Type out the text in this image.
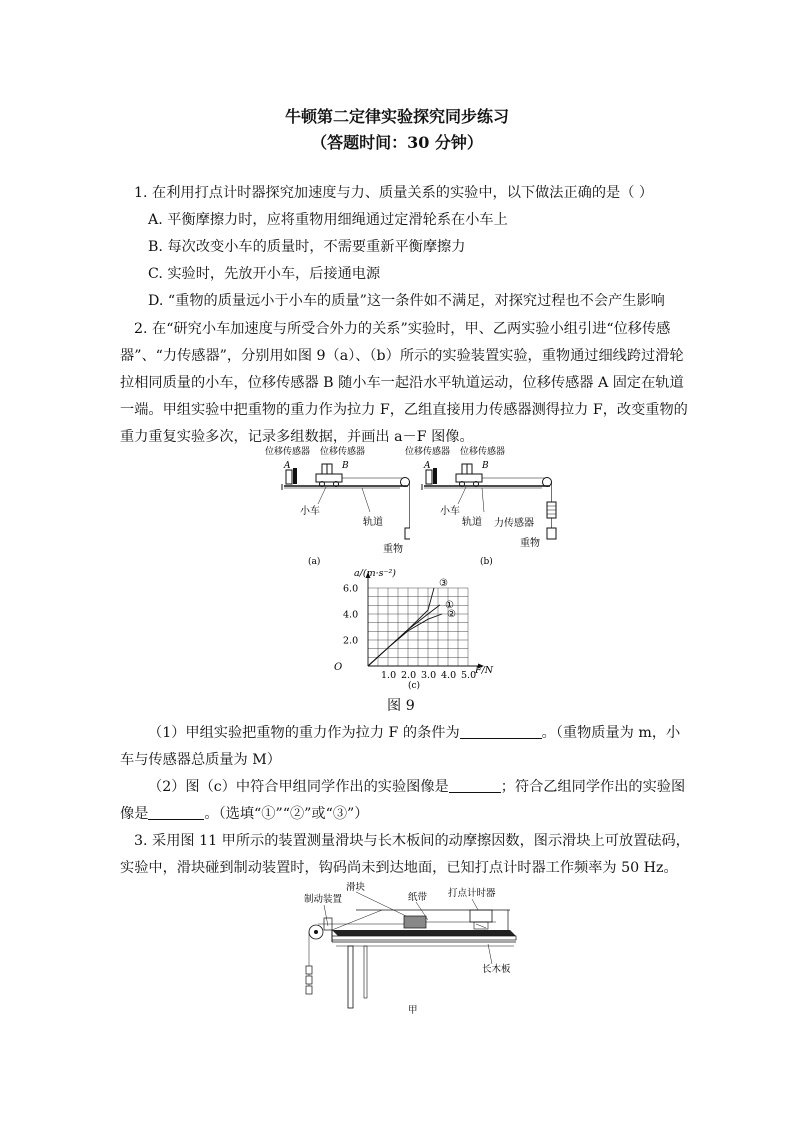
牛顿第二定律实验探究同步练习
（答题时间：30 分钟）
1. 在利用打点计时器探究加速度与力、质量关系的实验中，以下做法正确的是（ ）
A. 平衡摩擦力时，应将重物用细绳通过定滑轮系在小车上
B. 每次改变小车的质量时，不需要重新平衡摩擦力
C. 实验时，先放开小车，后接通电源
D. “重物的质量远小于小车的质量”这一条件如不满足，对探究过程也不会产生影响
2. 在“研究小车加速度与所受合外力的关系”实验时，甲、乙两实验小组引进“位移传感
器”、“力传感器”，分别用如图 9（a）、（b）所示的实验装置实验，重物通过细线跨过滑轮
拉相同质量的小车，位移传感器 B 随小车一起沿水平轨道运动，位移传感器 A 固定在轨道
一端。甲组实验中把重物的重力作为拉力 F，乙组直接用力传感器测得拉力 F，改变重物的
重力重复实验多次，记录多组数据，并画出 a－F 图像。
位移传感器 位移传感器
A	B
小车
轨道
重物
(a)
位移传感器 位移传感器
A	B
小车
轨道 力传感器
重物
(b)
①
②
③
1.0 2.0 3.0 4.0 5.0
2.0
4.0
6.0
a/(m·s⁻²)
F/N
O
(c)
图 9
（1）甲组实验把重物的重力作为拉力 F 的条件为	。（重物质量为 m，小
车与传感器总质量为 M）
（2）图（c）中符合甲组同学作出的实验图像是	；符合乙组同学作出的实验图
像是	。（选填“①”“②”或“③”）
3. 采用图 11 甲所示的装置测量滑块与长木板间的动摩擦因数，图示滑块上可放置砝码，
实验中，滑块碰到制动装置时，钩码尚未到达地面，已知打点计时器工作频率为 50 Hz。
制动装置
滑块
纸带 打点计时器
长木板
甲
